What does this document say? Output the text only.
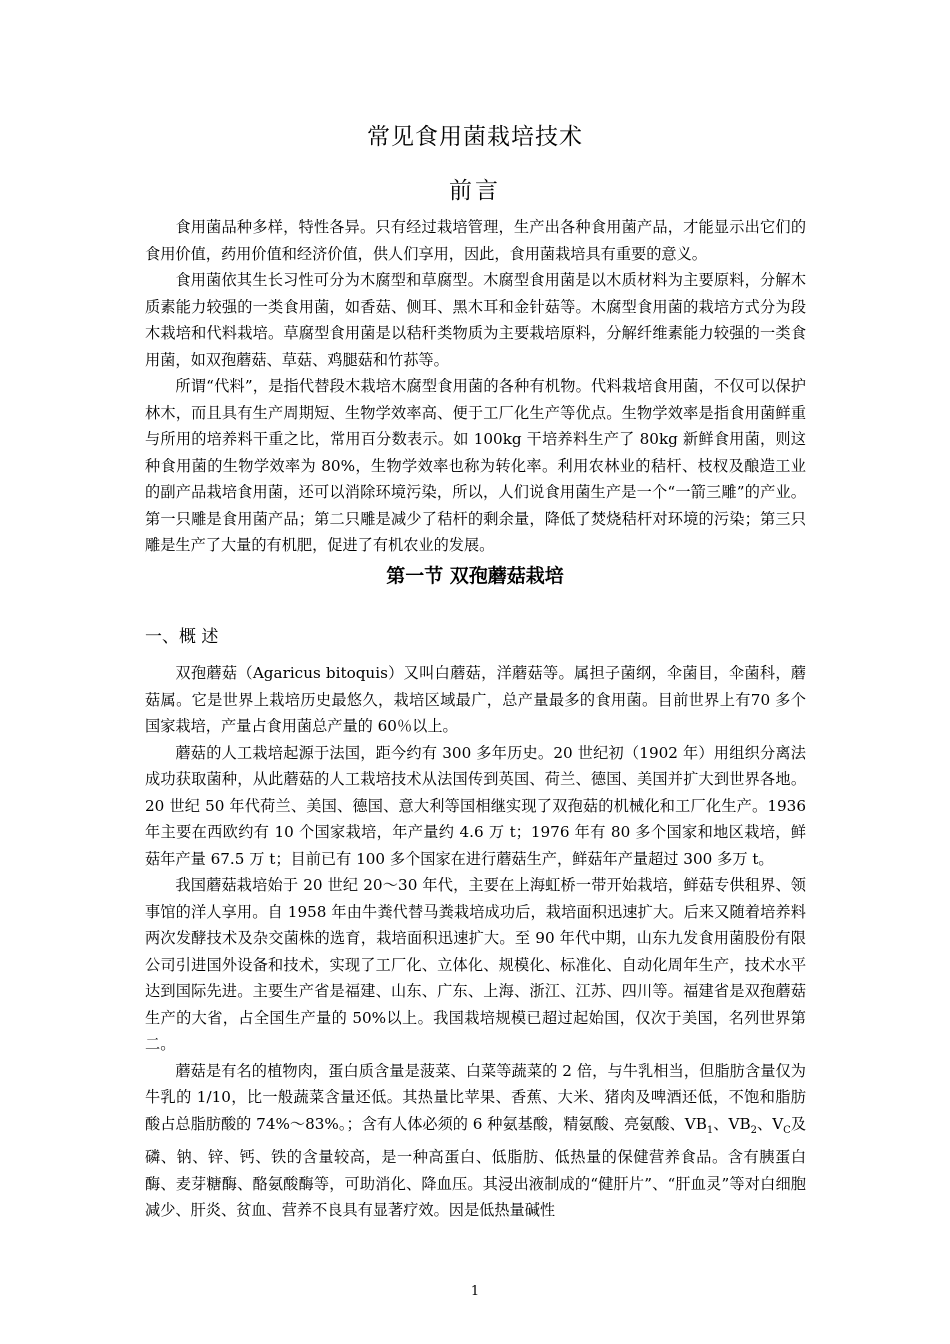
常见食用菌栽培技术
前言

食用菌品种多样，特性各异。只有经过栽培管理，生产出各种食用菌产品，才能显示出它们的食用价值，药用价值和经济价值，供人们享用，因此，食用菌栽培具有重要的意义。

食用菌依其生长习性可分为木腐型和草腐型。木腐型食用菌是以木质材料为主要原料，分解木质素能力较强的一类食用菌，如香菇、侧耳、黑木耳和金针菇等。木腐型食用菌的栽培方式分为段木栽培和代料栽培。草腐型食用菌是以秸秆类物质为主要栽培原料，分解纤维素能力较强的一类食用菌，如双孢蘑菇、草菇、鸡腿菇和竹荪等。

所谓“代料”，是指代替段木栽培木腐型食用菌的各种有机物。代料栽培食用菌，不仅可以保护林木，而且具有生产周期短、生物学效率高、便于工厂化生产等优点。生物学效率是指食用菌鲜重与所用的培养料干重之比，常用百分数表示。如 100kg 干培养料生产了 80kg 新鲜食用菌，则这种食用菌的生物学效率为 80%，生物学效率也称为转化率。利用农林业的秸杆、枝杈及酿造工业的副产品栽培食用菌，还可以消除环境污染，所以，人们说食用菌生产是一个“一箭三雕”的产业。第一只雕是食用菌产品；第二只雕是减少了秸杆的剩余量，降低了焚烧秸杆对环境的污染；第三只雕是生产了大量的有机肥，促进了有机农业的发展。

第一节 双孢蘑菇栽培
一、概 述

双孢蘑菇（Agaricus bitoquis）又叫白蘑菇，洋蘑菇等。属担子菌纲，伞菌目，伞菌科，蘑菇属。它是世界上栽培历史最悠久，栽培区域最广，总产量最多的食用菌。目前世界上有70 多个国家栽培，产量占食用菌总产量的 60％以上。

蘑菇的人工栽培起源于法国，距今约有 300 多年历史。20 世纪初（1902 年）用组织分离法成功获取菌种，从此蘑菇的人工栽培技术从法国传到英国、荷兰、德国、美国并扩大到世界各地。20 世纪 50 年代荷兰、美国、德国、意大利等国相继实现了双孢菇的机械化和工厂化生产。1936 年主要在西欧约有 10 个国家栽培，年产量约 4.6 万 t；1976 年有 80 多个国家和地区栽培，鲜菇年产量 67.5 万 t；目前已有 100 多个国家在进行蘑菇生产，鲜菇年产量超过 300 多万 t。

我国蘑菇栽培始于 20 世纪 20～30 年代，主要在上海虹桥一带开始栽培，鲜菇专供租界、领事馆的洋人享用。自 1958 年由牛粪代替马粪栽培成功后，栽培面积迅速扩大。后来又随着培养料两次发酵技术及杂交菌株的选育，栽培面积迅速扩大。至 90 年代中期，山东九发食用菌股份有限公司引进国外设备和技术，实现了工厂化、立体化、规模化、标准化、自动化周年生产，技术水平达到国际先进。主要生产省是福建、山东、广东、上海、浙江、江苏、四川等。福建省是双孢蘑菇生产的大省，占全国生产量的 50%以上。我国栽培规模已超过起始国，仅次于美国，名列世界第二。

蘑菇是有名的植物肉，蛋白质含量是菠菜、白菜等蔬菜的 2 倍，与牛乳相当，但脂肪含量仅为牛乳的 1/10，比一般蔬菜含量还低。其热量比苹果、香蕉、大米、猪肉及啤酒还低，不饱和脂肪酸占总脂肪酸的 74%～83%。；含有人体必须的 6 种氨基酸，精氨酸、亮氨酸、$VB_1$、$VB_2$、$V_C$及磷、钠、锌、钙、铁的含量较高，是一种高蛋白、低脂肪、低热量的保健营养食品。含有胰蛋白酶、麦芽糖酶、酪氨酸酶等，可助消化、降血压。其浸出液制成的“健肝片”、“肝血灵”等对白细胞减少、肝炎、贫血、营养不良具有显著疗效。因是低热量碱性

1
